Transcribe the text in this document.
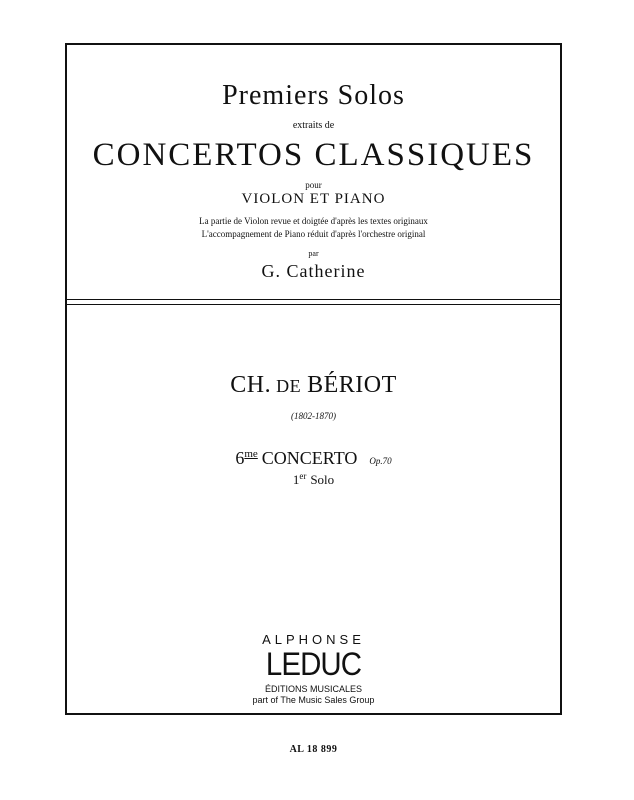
Premiers Solos

extraits de

CONCERTOS CLASSIQUES

pour

VIOLON ET PIANO

La partie de Violon revue et doigtée d'après les textes originaux

L'accompagnement de Piano réduit d'après l'orchestre original

par

G. Catherine

CH. DE BÉRIOT

(1802-1870)

$6^{me}$ CONCERTO Op.70

1er Solo

ALPHONSE

LEDUC

ÉDITIONS MUSICALES

part of The Music Sales Group

AL 18 899
